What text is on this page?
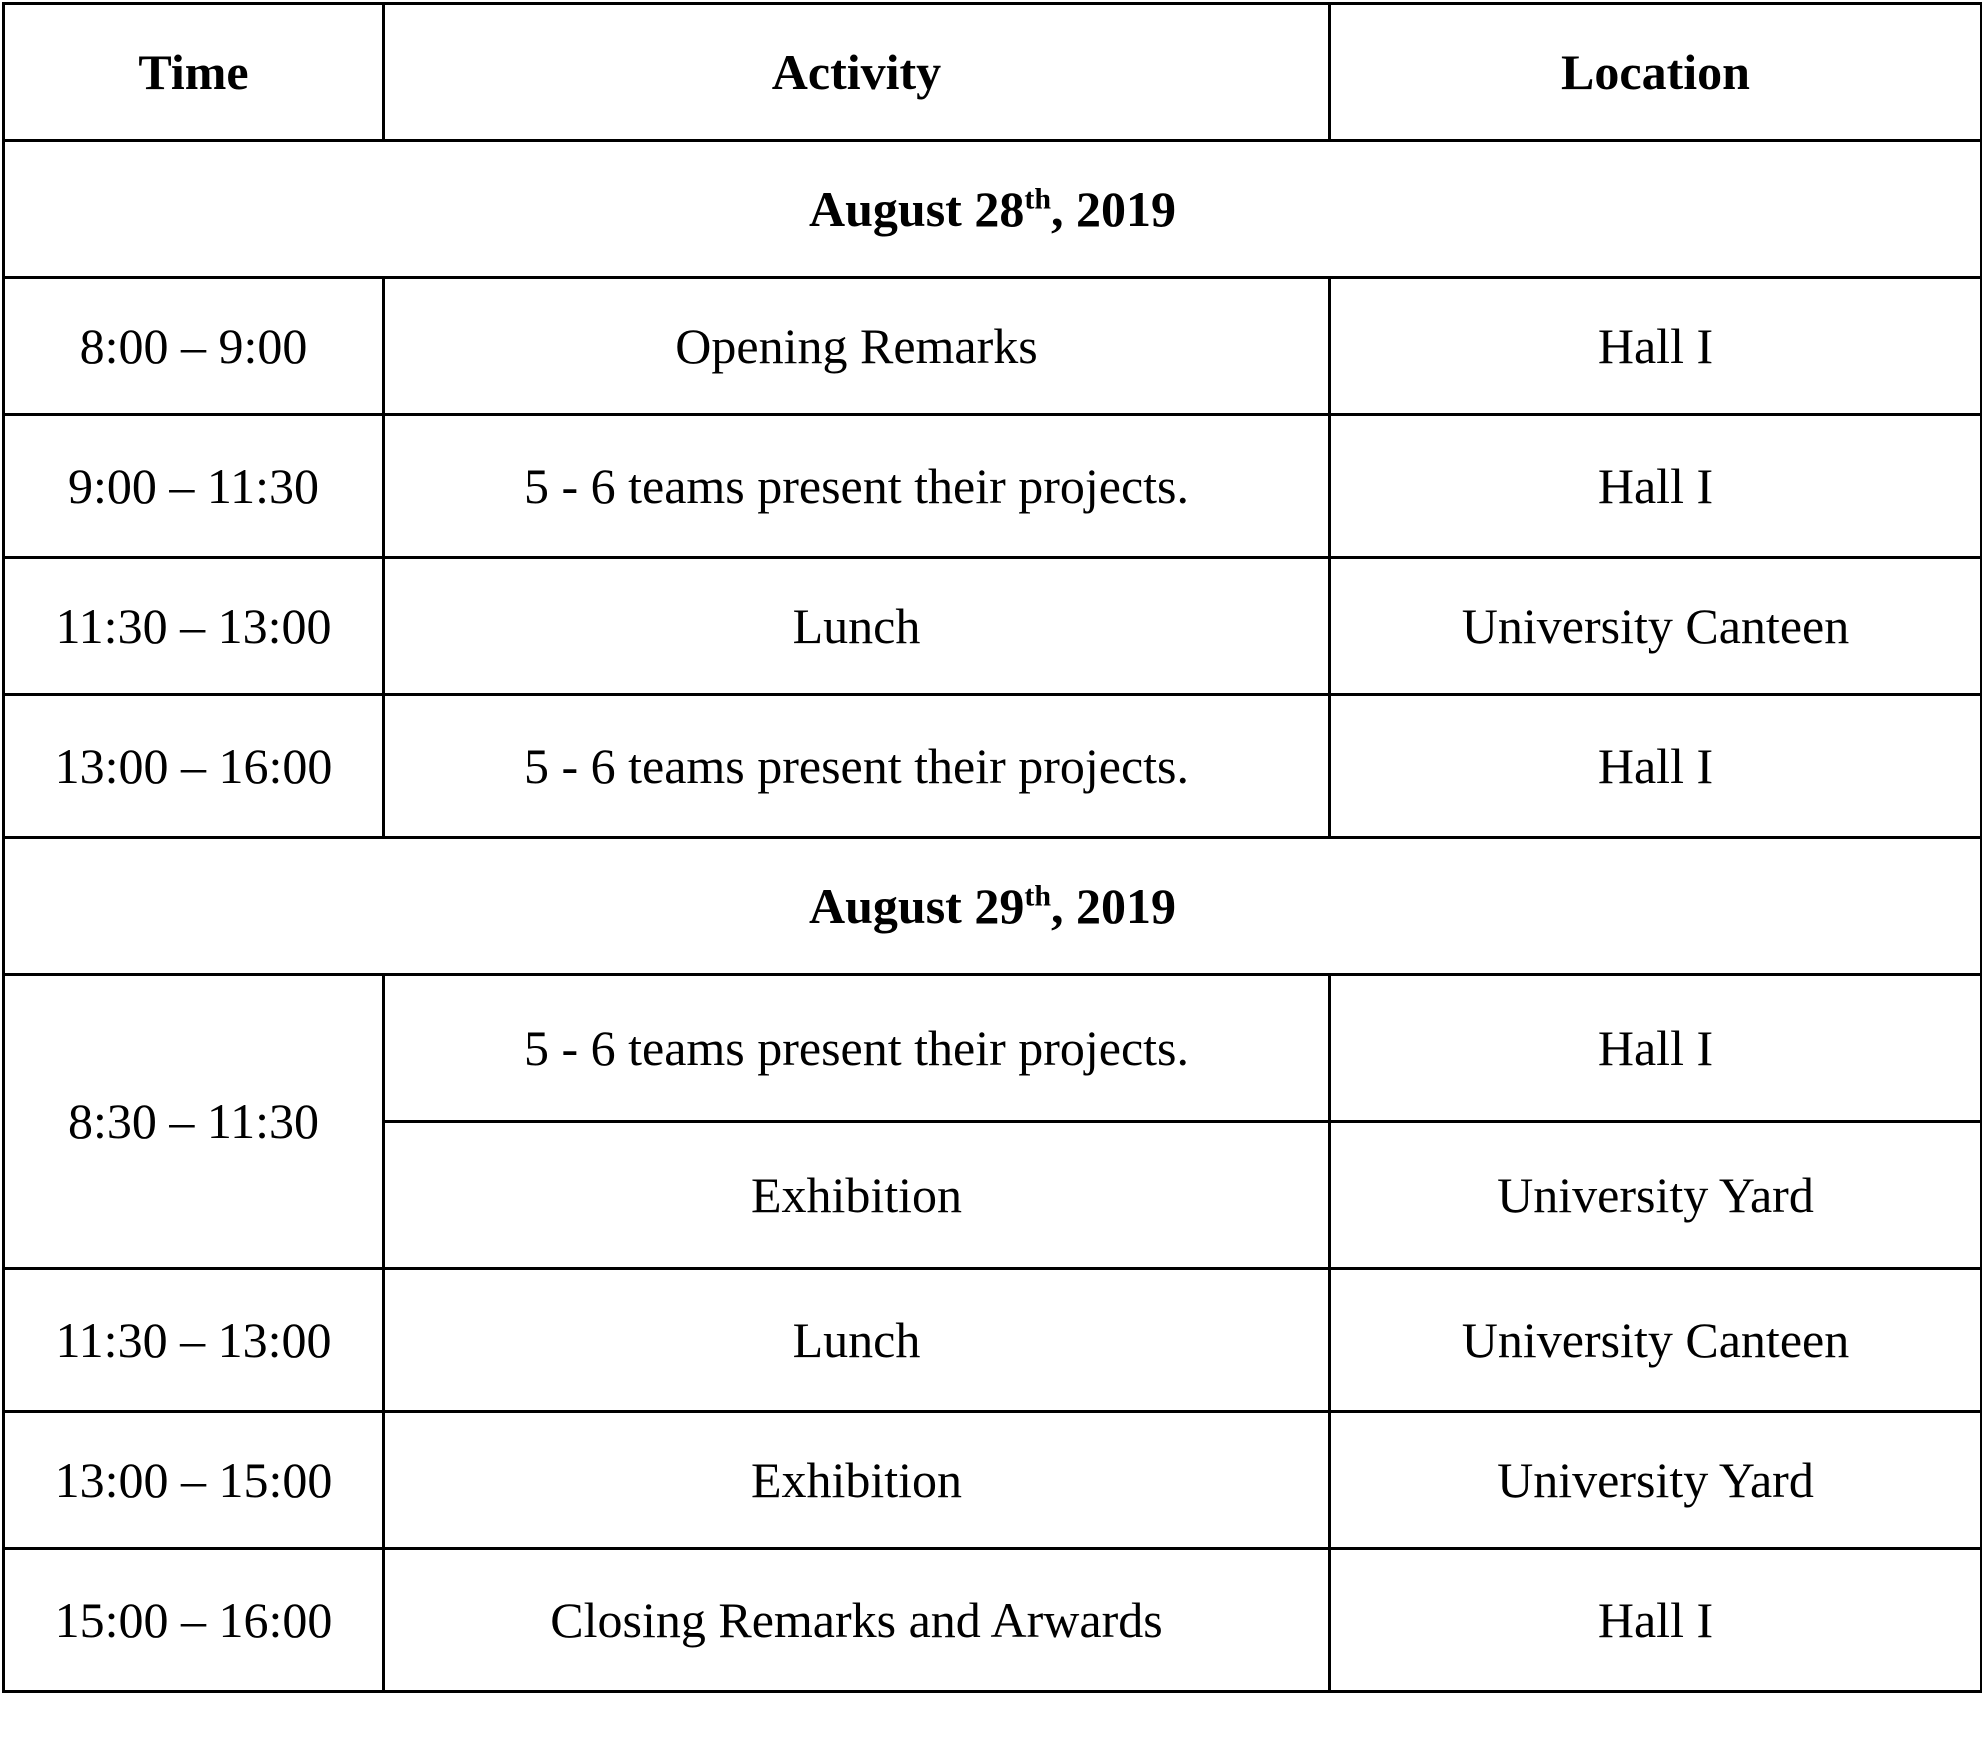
Time	Activity	Location
August 28th, 2019		
8:00 – 9:00	Opening Remarks	Hall I
9:00 – 11:30	5 - 6 teams present their projects.	Hall I
11:30 – 13:00	Lunch	University Canteen
13:00 – 16:00	5 - 6 teams present their projects.	Hall I
August 29th, 2019		
8:30 – 11:30	5 - 6 teams present their projects.	Hall I
	Exhibition	University Yard
11:30 – 13:00	Lunch	University Canteen
13:00 – 15:00	Exhibition	University Yard
15:00 – 16:00	Closing Remarks and Arwards	Hall I
